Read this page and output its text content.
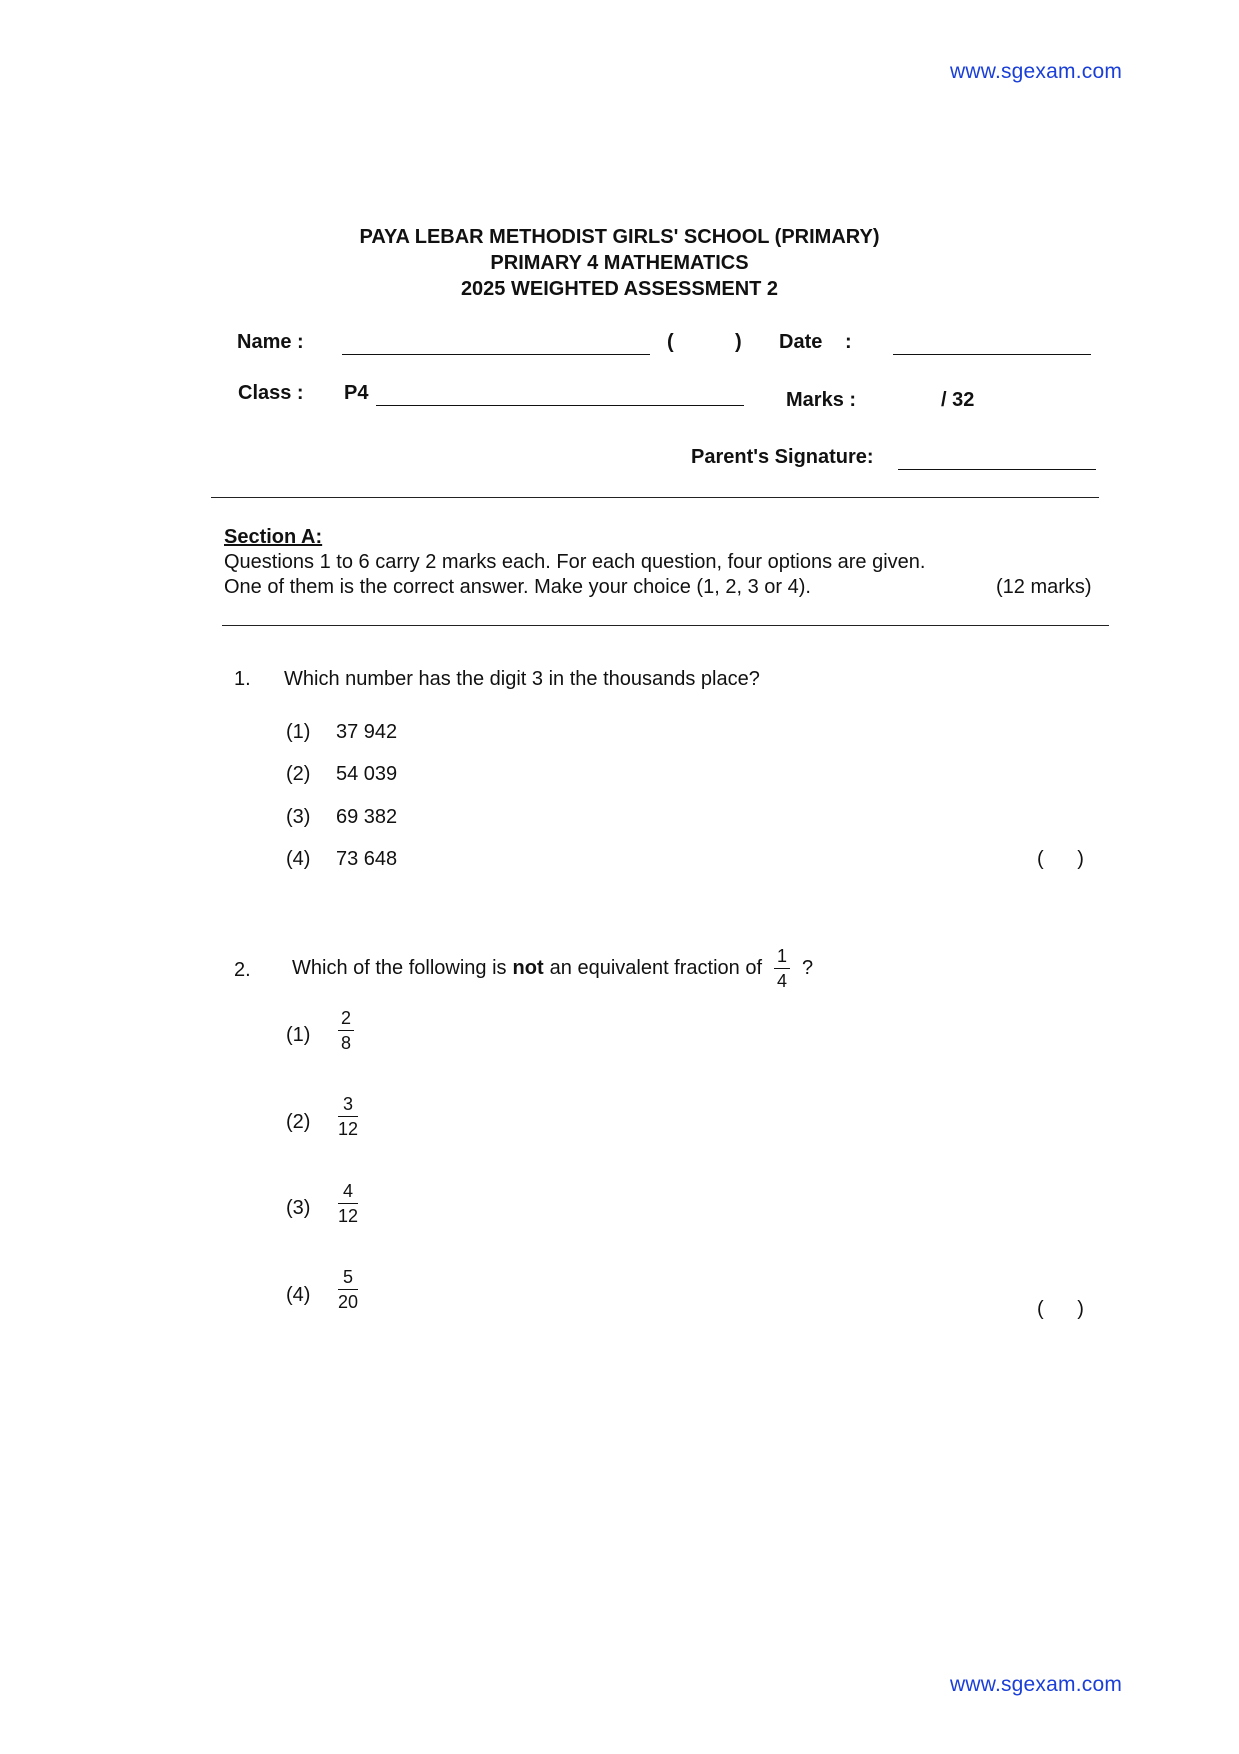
www.sgexam.com
www.sgexam.com
PAYA LEBAR METHODIST GIRLS' SCHOOL (PRIMARY)
PRIMARY 4 MATHEMATICS
2025 WEIGHTED ASSESSMENT 2
Name :	(	) Date :
Class : P4	Marks :	/ 32
Parent's Signature:
Section A:
Questions 1 to 6 carry 2 marks each. For each question, four options are given.
One of them is the correct answer. Make your choice (1, 2, 3 or 4).	(12 marks)
1. Which number has the digit 3 in the thousands place?
(1) 37 942
(2) 54 039
(3) 69 382
(4) 73 648	( )
2. Which of the following is not an equivalent fraction of $\frac{1}{4}$ ?
(1)
2
8
(2)
3
12
(3)
4
12
(4)
5
20	( )
